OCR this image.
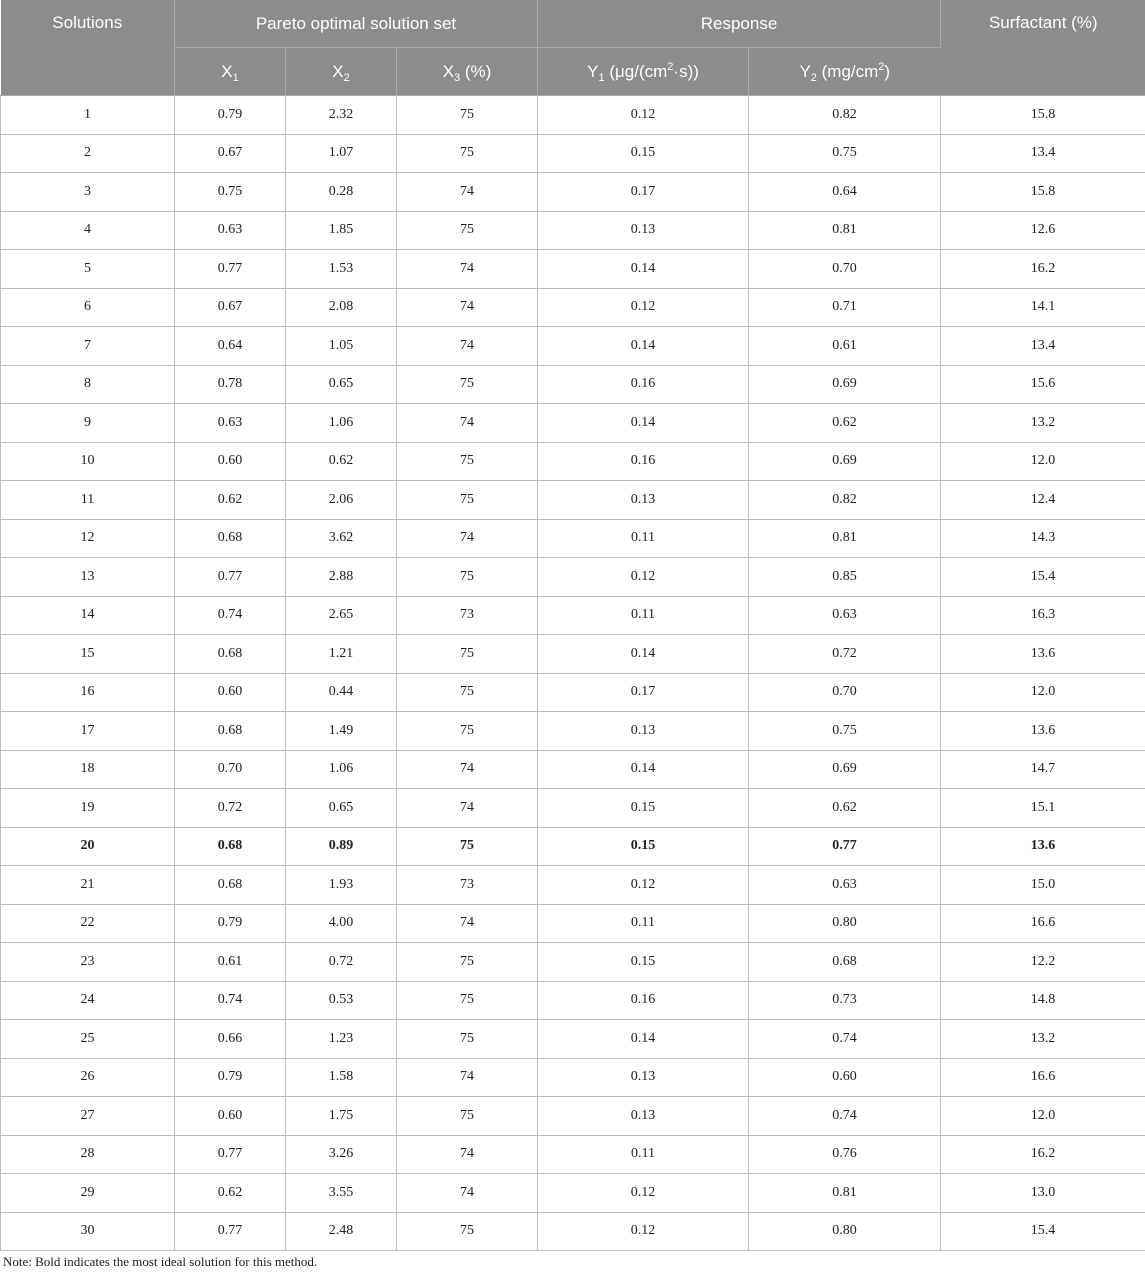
Solutions	Pareto optimal solution set			Response		Surfactant (%)
	$X_1$	$X_2$	$X_3$ (%)	$Y_1$ $(\mu g/(cm^2\cdot s))$	$Y_2$ $(mg/cm^2)$	
1	0.79	2.32	75	0.12	0.82	15.8
2	0.67	1.07	75	0.15	0.75	13.4
3	0.75	0.28	74	0.17	0.64	15.8
4	0.63	1.85	75	0.13	0.81	12.6
5	0.77	1.53	74	0.14	0.70	16.2
6	0.67	2.08	74	0.12	0.71	14.1
7	0.64	1.05	74	0.14	0.61	13.4
8	0.78	0.65	75	0.16	0.69	15.6
9	0.63	1.06	74	0.14	0.62	13.2
10	0.60	0.62	75	0.16	0.69	12.0
11	0.62	2.06	75	0.13	0.82	12.4
12	0.68	3.62	74	0.11	0.81	14.3
13	0.77	2.88	75	0.12	0.85	15.4
14	0.74	2.65	73	0.11	0.63	16.3
15	0.68	1.21	75	0.14	0.72	13.6
16	0.60	0.44	75	0.17	0.70	12.0
17	0.68	1.49	75	0.13	0.75	13.6
18	0.70	1.06	74	0.14	0.69	14.7
19	0.72	0.65	74	0.15	0.62	15.1
20	0.68	0.89	75	0.15	0.77	13.6
21	0.68	1.93	73	0.12	0.63	15.0
22	0.79	4.00	74	0.11	0.80	16.6
23	0.61	0.72	75	0.15	0.68	12.2
24	0.74	0.53	75	0.16	0.73	14.8
25	0.66	1.23	75	0.14	0.74	13.2
26	0.79	1.58	74	0.13	0.60	16.6
27	0.60	1.75	75	0.13	0.74	12.0
28	0.77	3.26	74	0.11	0.76	16.2
29	0.62	3.55	74	0.12	0.81	13.0
30	0.77	2.48	75	0.12	0.80	15.4
Note: Bold indicates the most ideal solution for this method.
